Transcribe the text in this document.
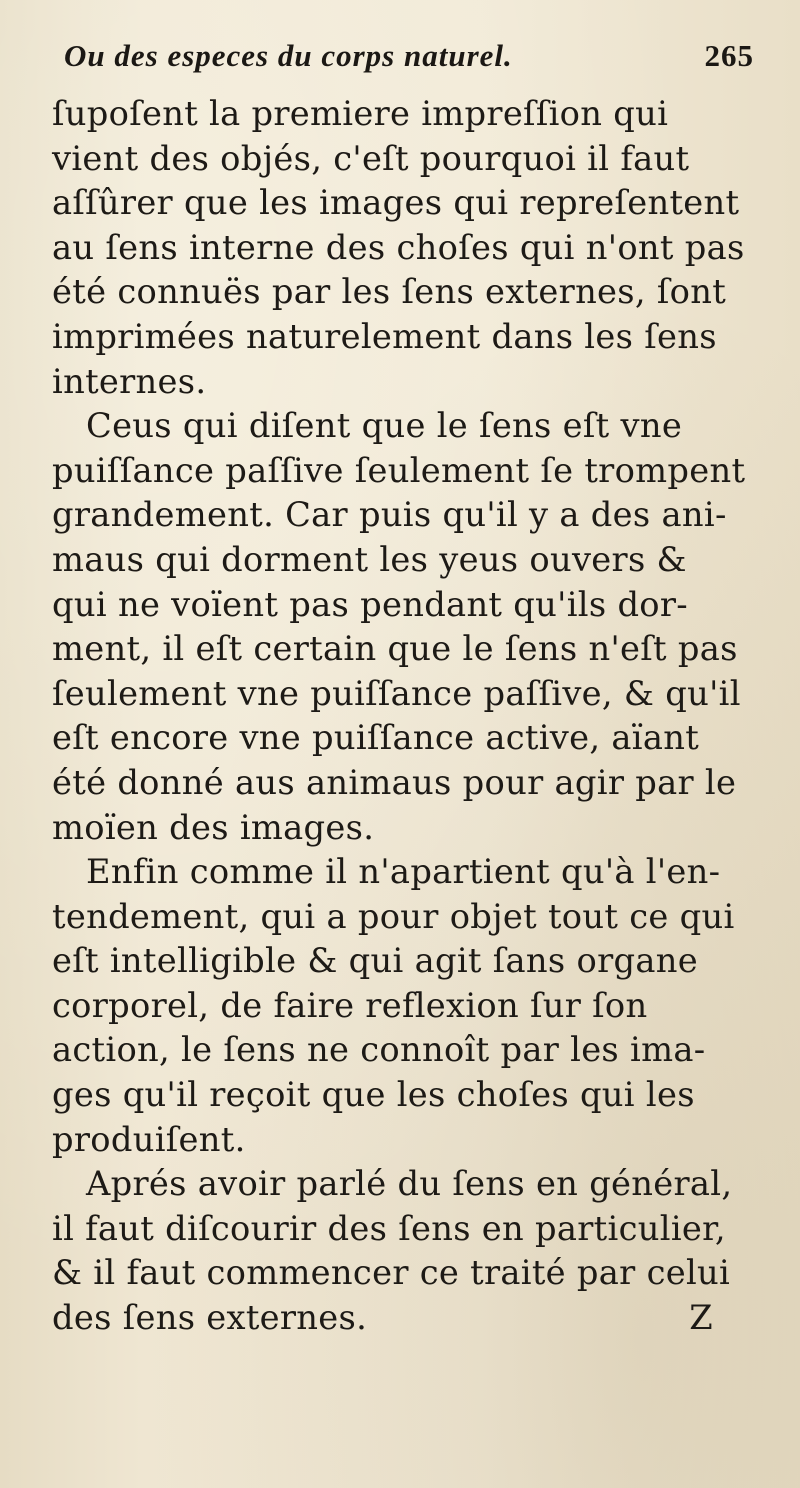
Ou des especes du corps naturel.	265
ſupoſent la premiere impreſſion qui
vient des objés, c'eſt pourquoi il faut
aſſûrer que les images qui repreſentent
au ſens interne des choſes qui n'ont pas
été connuës par les ſens externes, ſont
imprimées naturelement dans les ſens
internes.
Ceus qui diſent que le ſens eſt vne
puiſſance paſſive ſeulement ſe trompent
grandement. Car puis qu'il y a des ani-
maus qui dorment les yeus ouvers &
qui ne voïent pas pendant qu'ils dor-
ment, il eſt certain que le ſens n'eſt pas
ſeulement vne puiſſance paſſive, & qu'il
eſt encore vne puiſſance active, aïant
été donné aus animaus pour agir par le
moïen des images.
Enfin comme il n'apartient qu'à l'en-
tendement, qui a pour objet tout ce qui
eſt intelligible & qui agit ſans organe
corporel, de faire reflexion ſur ſon
action, le ſens ne connoît par les ima-
ges qu'il reçoit que les choſes qui les
produiſent.
Aprés avoir parlé du ſens en général,
il faut diſcourir des ſens en particulier,
& il faut commencer ce traité par celui
des ſens externes.	Z
